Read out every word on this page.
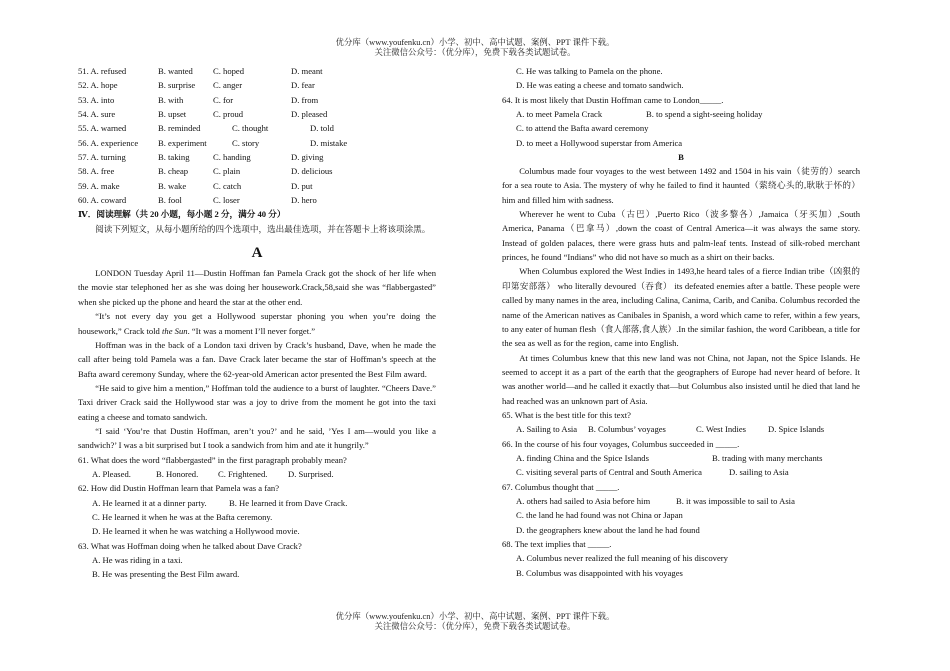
优分库（www.youfenku.cn）小学、初中、高中试题、案例、PPT 课件下载。
关注微信公众号：（优分库），免费下载各类试题试卷。
51. A. refused	B. wanted C. hoped	D. meant
52. A. hope	B. surprise C. anger	D. fear
53. A. into	B. with	C. for	D. from
54. A. sure	B. upset	C. proud	D. pleased
55. A. warned	B. reminded	C. thought	D. told
56. A. experience B. experiment	C. story	D. mistake
57. A. turning	B. taking	C. handing	D. giving
58. A. free	B. cheap	C. plain	D. delicious
59. A. make	B. wake	C. catch	D. put
60. A. coward	B. fool	C. loser	D. hero
Ⅳ．阅读理解（共 20 小题，每小题 2 分，满分 40 分）

阅读下列短文，从每小题所给的四个选项中，选出最佳选项，并在答题卡上将该项涂黑。

A

LONDON Tuesday April 11—Dustin Hoffman fan Pamela Crack got the shock of her life when the movie star telephoned her as she was doing her housework.Crack,58,said she was “flabbergasted” when she picked up the phone and heard the star at the other end.

“It’s not every day you get a Hollywood superstar phoning you when you’re doing the housework,” Crack told the Sun. “It was a moment I’ll never forget.”

Hoffman was in the back of a London taxi driven by Crack’s husband, Dave, when he made the call after being told Pamela was a fan. Dave Crack later became the star of Hoffman’s speech at the Bafta award ceremony Sunday, where the 62-year-old American actor presented the Best Film award.

“He said to give him a mention,” Hoffman told the audience to a burst of laughter. “Cheers Dave.” Taxi driver Crack said the Hollywood star was a joy to drive from the moment he got into the taxi eating a cheese and tomato sandwich.

“I said ‘You’re that Dustin Hoffman, aren’t you?’ and he said, ’Yes I am—would you like a sandwich?’ I was a bit surprised but I took a sandwich from him and ate it hungrily.”

61. What does the word “flabbergasted” in the first paragraph probably mean?
A. Pleased.	B. Honored. C. Frightened. D. Surprised.
62. How did Dustin Hoffman learn that Pamela was a fan?
A. He learned it at a dinner party.	B. He learned it from Dave Crack.
C. He learned it when he was at the Bafta ceremony.
D. He learned it when he was watching a Hollywood movie.
63. What was Hoffman doing when he talked about Dave Crack?
A. He was riding in a taxi.
B. He was presenting the Best Film award.
C. He was talking to Pamela on the phone.
D. He was eating a cheese and tomato sandwich.
64. It is most likely that Dustin Hoffman came to London_____.
A. to meet Pamela Crack	B. to spend a sight-seeing holiday
C. to attend the Bafta award ceremony
D. to meet a Hollywood superstar from America
B

Columbus made four voyages to the west between 1492 and 1504 in his vain（徒劳的）search for a sea route to Asia. The mystery of why he failed to find it haunted（萦绕心头的,耿耿于怀的）him and filled him with sadness.

Wherever he went to Cuba（古巴）,Puerto Rico（波多黎各）,Jamaica（牙买加）,South America, Panama（巴拿马）,down the coast of Central America—it was always the same story. Instead of golden palaces, there were grass huts and palm-leaf tents. Instead of silk-robed merchant princes, he found “Indians” who did not have so much as a shirt on their backs.

When Columbus explored the West Indies in 1493,he heard tales of a fierce Indian tribe（凶狠的印第安部落） who literally devoured（吞食） its defeated enemies after a battle. These people were called by many names in the area, including Calina, Canima, Carib, and Caniba. Columbus recorded the name of the American natives as Canibales in Spanish, a word which came to refer, within a few years, to any eater of human flesh（食人部落,食人族）.In the similar fashion, the word Caribbean, a title for the sea as well as for the region, came into English.

At times Columbus knew that this new land was not China, not Japan, not the Spice Islands. He seemed to accept it as a part of the earth that the geographers of Europe had never heard of before. It was another world—and he called it exactly that—but Columbus also insisted until he died that land he had reached was an unknown part of Asia.

65. What is the best title for this text?
A. Sailing to Asia B. Columbus’ voyages	C. West Indies	D. Spice Islands
66. In the course of his four voyages, Columbus succeeded in _____.
A. finding China and the Spice Islands	B. trading with many merchants
C. visiting several parts of Central and South America	D. sailing to Asia
67. Columbus thought that _____.
A. others had sailed to Asia before him	B. it was impossible to sail to Asia
C. the land he had found was not China or Japan
D. the geographers knew about the land he had found
68. The text implies that _____.
A. Columbus never realized the full meaning of his discovery
B. Columbus was disappointed with his voyages
优分库（www.youfenku.cn）小学、初中、高中试题、案例、PPT 课件下载。
关注微信公众号：（优分库），免费下载各类试题试卷。
